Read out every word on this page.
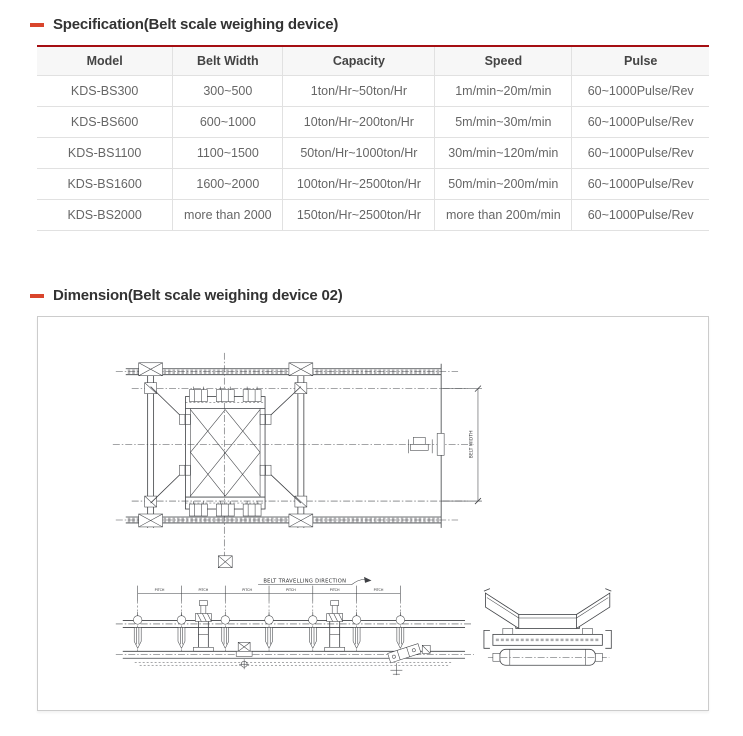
Specification(Belt scale weighing device)
Model	Belt Width	Capacity	Speed	Pulse
KDS-BS300	300~500	1ton/Hr~50ton/Hr	1m/min~20m/min	60~1000Pulse/Rev
KDS-BS600	600~1000	10ton/Hr~200ton/Hr	5m/min~30m/min	60~1000Pulse/Rev
KDS-BS1100	1100~1500	50ton/Hr~1000ton/Hr	30m/min~120m/min	60~1000Pulse/Rev
KDS-BS1600	1600~2000	100ton/Hr~2500ton/Hr	50m/min~200m/min	60~1000Pulse/Rev
KDS-BS2000	more than 2000	150ton/Hr~2500ton/Hr	more than 200m/min	60~1000Pulse/Rev
Dimension(Belt scale weighing device 02)
BELT WIDTH
BELT TRAVELLING DIRECTION
PITCH	PITCH	PITCH	PITCH	PITCH	PITCH
